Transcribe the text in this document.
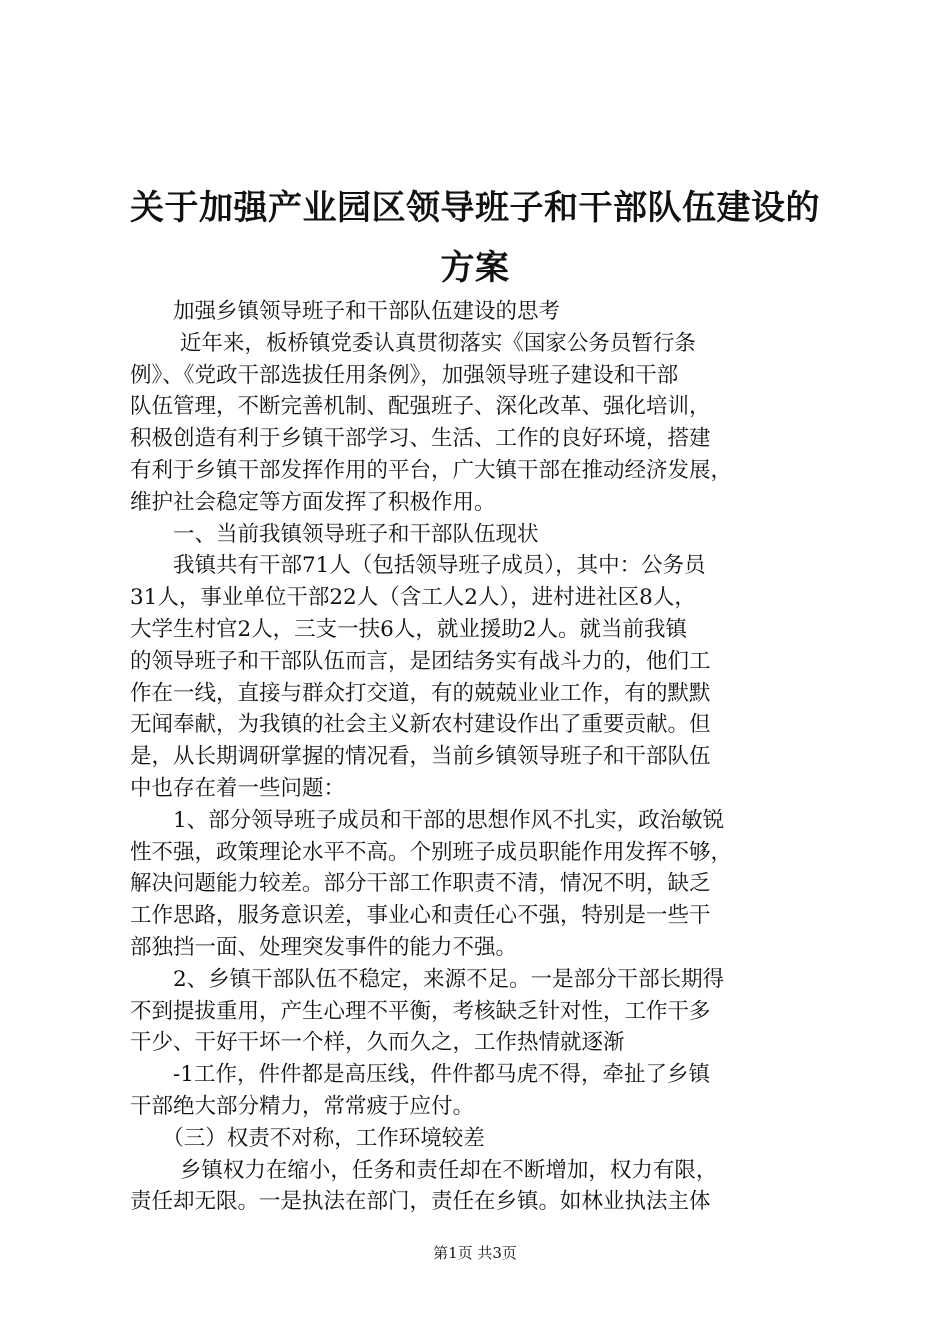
关于加强产业园区领导班子和干部队伍建设的
方案
　　加强乡镇领导班子和干部队伍建设的思考
　　 近年来，板桥镇党委认真贯彻落实《国家公务员暂行条
例》、《党政干部选拔任用条例》，加强领导班子建设和干部
队伍管理，不断完善机制、配强班子、深化改革、强化培训，
积极创造有利于乡镇干部学习、生活、工作的良好环境，搭建
有利于乡镇干部发挥作用的平台，广大镇干部在推动经济发展，
维护社会稳定等方面发挥了积极作用。
　　一、当前我镇领导班子和干部队伍现状
　　我镇共有干部71人（包括领导班子成员），其中：公务员
31人，事业单位干部22人（含工人2人），进村进社区8人，
大学生村官2人，三支一扶6人，就业援助2人。就当前我镇
的领导班子和干部队伍而言，是团结务实有战斗力的，他们工
作在一线，直接与群众打交道，有的兢兢业业工作，有的默默
无闻奉献，为我镇的社会主义新农村建设作出了重要贡献。但
是，从长期调研掌握的情况看，当前乡镇领导班子和干部队伍
中也存在着一些问题：
　　1、部分领导班子成员和干部的思想作风不扎实，政治敏锐
性不强，政策理论水平不高。个别班子成员职能作用发挥不够，
解决问题能力较差。部分干部工作职责不清，情况不明，缺乏
工作思路，服务意识差，事业心和责任心不强，特别是一些干
部独挡一面、处理突发事件的能力不强。
　　2、乡镇干部队伍不稳定，来源不足。一是部分干部长期得
不到提拔重用，产生心理不平衡，考核缺乏针对性，工作干多
干少、干好干坏一个样，久而久之，工作热情就逐渐
　　-1工作，件件都是高压线，件件都马虎不得，牵扯了乡镇
干部绝大部分精力，常常疲于应付。
　　（三）权责不对称，工作环境较差
　　 乡镇权力在缩小，任务和责任却在不断增加，权力有限，
责任却无限。一是执法在部门，责任在乡镇。如林业执法主体
第1页 共3页
